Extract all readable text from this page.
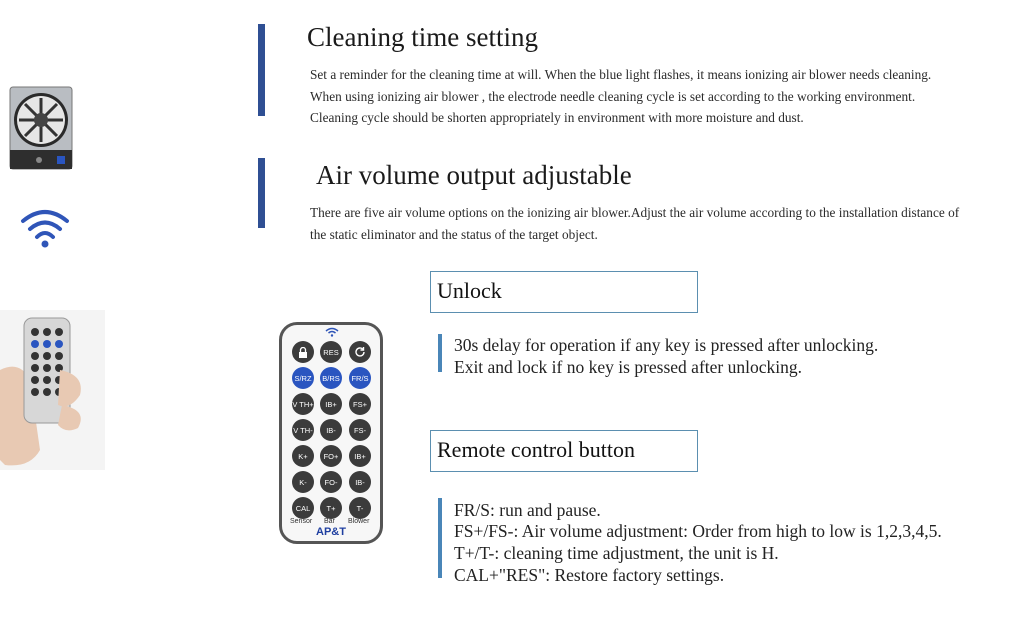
Cleaning time setting
Set a reminder for the cleaning time at will. When the blue light flashes, it means ionizing air blower needs cleaning.
When using ionizing air blower , the electrode needle cleaning cycle is set according to the working environment.
Cleaning cycle should be shorten appropriately in environment with more moisture and dust.
Air volume output adjustable
There are five air volume options on the ionizing air blower.Adjust the air volume according to the installation distance of
the static eliminator and the status of the target object.
RES
S/RZ	B/RS	FR/S
V TH+	IB+	FS+
V TH-	IB-	FS-
K+	FO+	IB+
K-	FO-	IB-
CAL	T+	T-
Sensor Bar Blower
AP&T
Unlock
30s delay for operation if any key is pressed after unlocking.
Exit and lock if no key is pressed after unlocking.
Remote control button
FR/S: run and pause.
FS+/FS-: Air volume adjustment: Order from high to low is 1,2,3,4,5.
T+/T-: cleaning time adjustment, the unit is H.
CAL+"RES": Restore factory settings.
